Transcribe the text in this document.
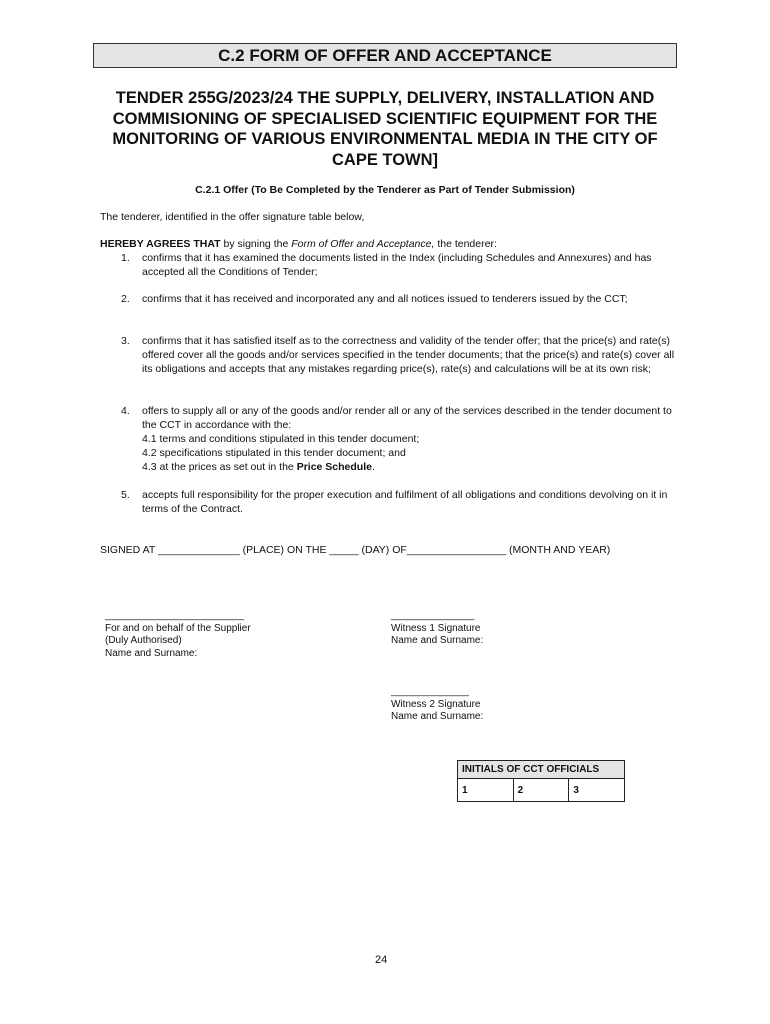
C.2 FORM OF OFFER AND ACCEPTANCE
TENDER 255G/2023/24 THE SUPPLY, DELIVERY, INSTALLATION AND COMMISIONING OF SPECIALISED SCIENTIFIC EQUIPMENT FOR THE MONITORING OF VARIOUS ENVIRONMENTAL MEDIA IN THE CITY OF CAPE TOWN]
C.2.1 Offer (To Be Completed by the Tenderer as Part of Tender Submission)
The tenderer, identified in the offer signature table below,
HEREBY AGREES THAT by signing the Form of Offer and Acceptance, the tenderer:
1. confirms that it has examined the documents listed in the Index (including Schedules and Annexures) and has accepted all the Conditions of Tender;
2. confirms that it has received and incorporated any and all notices issued to tenderers issued by the CCT;
3. confirms that it has satisfied itself as to the correctness and validity of the tender offer; that the price(s) and rate(s) offered cover all the goods and/or services specified in the tender documents; that the price(s) and rate(s) cover all its obligations and accepts that any mistakes regarding price(s), rate(s) and calculations will be at its own risk;
4. offers to supply all or any of the goods and/or render all or any of the services described in the tender document to the CCT in accordance with the:
4.1 terms and conditions stipulated in this tender document;
4.2 specifications stipulated in this tender document; and
4.3 at the prices as set out in the Price Schedule.
5. accepts full responsibility for the proper execution and fulfilment of all obligations and conditions devolving on it in terms of the Contract.
SIGNED AT ______________ (PLACE) ON THE _____ (DAY) OF_________________ (MONTH AND YEAR)
_________________________
For and on behalf of the Supplier
(Duly Authorised)
Name and Surname:
_______________
Witness 1 Signature
Name and Surname:
______________
Witness 2 Signature
Name and Surname:
INITIALS OF CCT OFFICIALS
1	2	3
24
